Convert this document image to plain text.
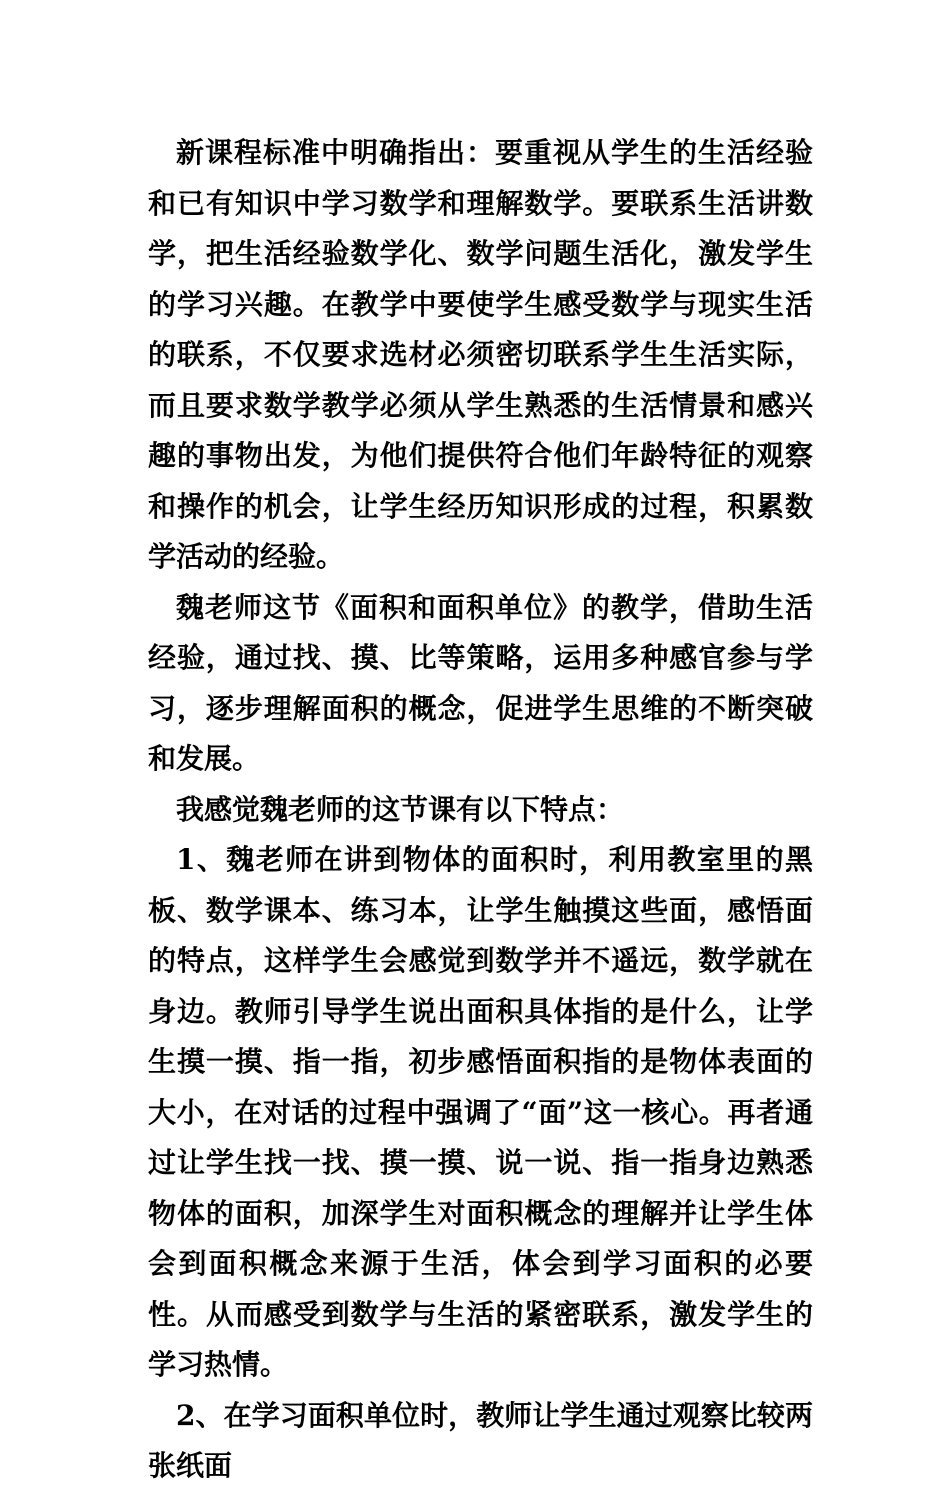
新课程标准中明确指出：要重视从学生的生活经验和已有知识中学习数学和理解数学。要联系生活讲数学，把生活经验数学化、数学问题生活化，激发学生的学习兴趣。在教学中要使学生感受数学与现实生活的联系，不仅要求选材必须密切联系学生生活实际，而且要求数学教学必须从学生熟悉的生活情景和感兴趣的事物出发，为他们提供符合他们年龄特征的观察和操作的机会，让学生经历知识形成的过程，积累数学活动的经验。

魏老师这节《面积和面积单位》的教学，借助生活经验，通过找、摸、比等策略，运用多种感官参与学习，逐步理解面积的概念，促进学生思维的不断突破和发展。

我感觉魏老师的这节课有以下特点：

1、魏老师在讲到物体的面积时，利用教室里的黑板、数学课本、练习本，让学生触摸这些面，感悟面的特点，这样学生会感觉到数学并不遥远，数学就在身边。教师引导学生说出面积具体指的是什么，让学生摸一摸、指一指，初步感悟面积指的是物体表面的大小，在对话的过程中强调了“面”这一核心。再者通过让学生找一找、摸一摸、说一说、指一指身边熟悉物体的面积，加深学生对面积概念的理解并让学生体会到面积概念来源于生活，体会到学习面积的必要性。从而感受到数学与生活的紧密联系，激发学生的学习热情。

2、在学习面积单位时，教师让学生通过观察比较两张纸面
